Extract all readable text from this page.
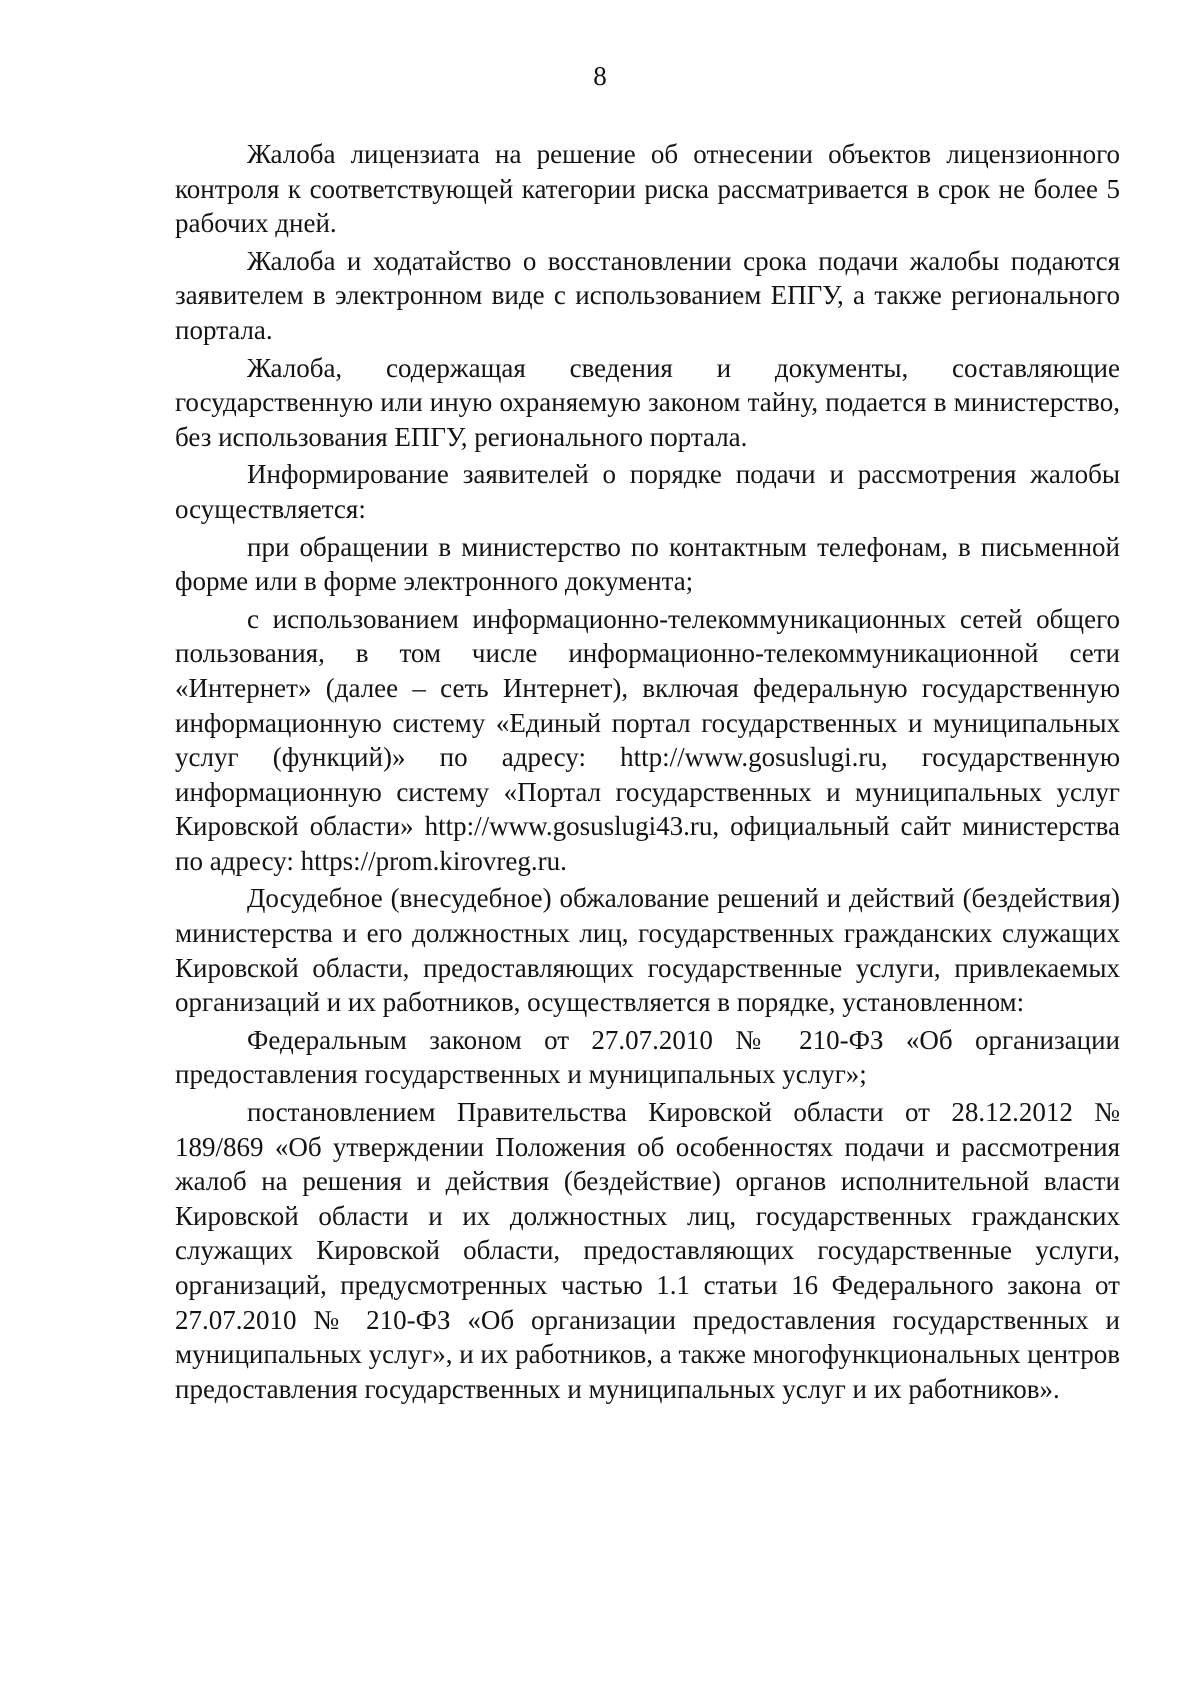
8

Жалоба лицензиата на решение об отнесении объектов лицензионного контроля к соответствующей категории риска рассматривается в срок не более 5 рабочих дней.

Жалоба и ходатайство о восстановлении срока подачи жалобы подаются заявителем в электронном виде с использованием ЕПГУ, а также регионального портала.

Жалоба, содержащая сведения и документы, составляющие государственную или иную охраняемую законом тайну, подается в министерство, без использования ЕПГУ, регионального портала.

Информирование заявителей о порядке подачи и рассмотрения жалобы осуществляется:

при обращении в министерство по контактным телефонам, в письменной форме или в форме электронного документа;

с использованием информационно-телекоммуникационных сетей общего пользования, в том числе информационно-телекоммуникационной сети «Интернет» (далее – сеть Интернет), включая федеральную государственную информационную систему «Единый портал государственных и муниципальных услуг (функций)» по адресу: http://www.gosuslugi.ru, государственную информационную систему «Портал государственных и муниципальных услуг Кировской области» http://www.gosuslugi43.ru, официальный сайт министерства по адресу: https://prom.kirovreg.ru.

Досудебное (внесудебное) обжалование решений и действий (бездействия) министерства и его должностных лиц, государственных гражданских служащих Кировской области, предоставляющих государственные услуги, привлекаемых организаций и их работников, осуществляется в порядке, установленном:

Федеральным законом от 27.07.2010 № 210-ФЗ «Об организации предоставления государственных и муниципальных услуг»;

постановлением Правительства Кировской области от 28.12.2012 № 189/869 «Об утверждении Положения об особенностях подачи и рассмотрения жалоб на решения и действия (бездействие) органов исполнительной власти Кировской области и их должностных лиц, государственных гражданских служащих Кировской области, предоставляющих государственные услуги, организаций, предусмотренных частью 1.1 статьи 16 Федерального закона от 27.07.2010 № 210-ФЗ «Об организации предоставления государственных и муниципальных услуг», и их работников, а также многофункциональных центров предоставления государственных и муниципальных услуг и их работников».
